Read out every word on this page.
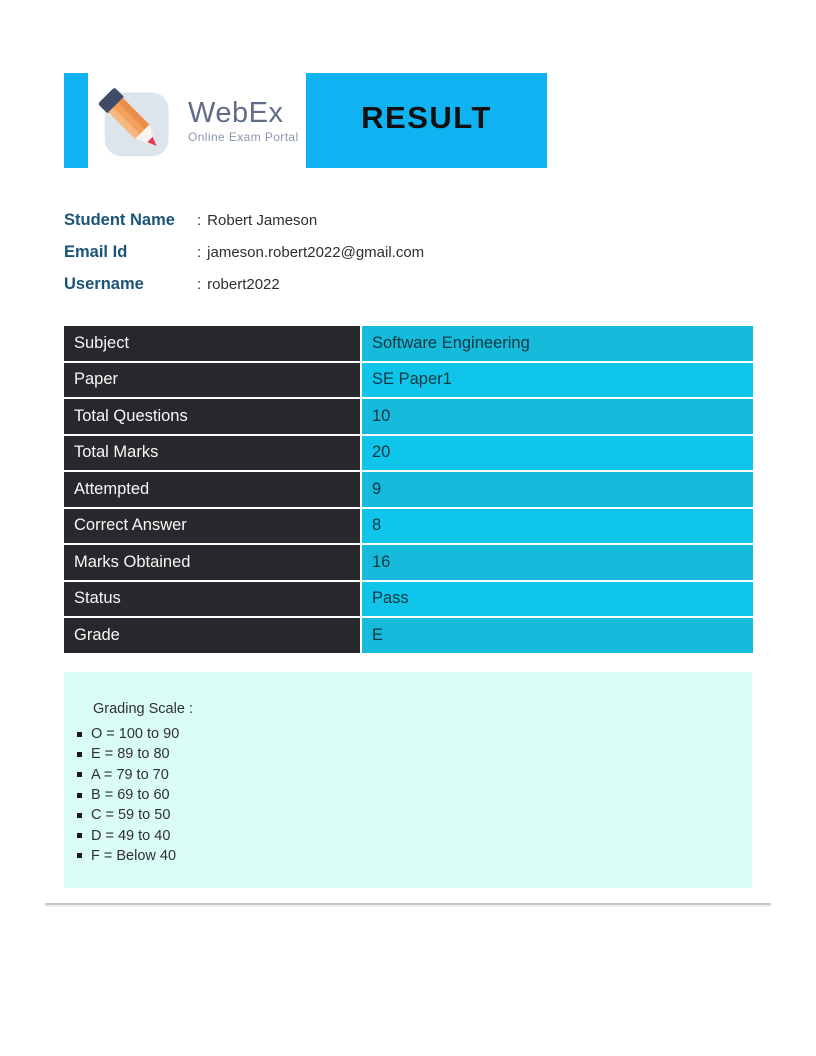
WebEx
Online Exam Portal
RESULT
Student Name	: Robert Jameson
Email Id	: jameson.robert2022@gmail.com
Username	: robert2022
Subject	Software Engineering
Paper	SE Paper1
Total Questions	10
Total Marks	20
Attempted	9
Correct Answer	8
Marks Obtained	16
Status	Pass
Grade	E
Grading Scale :
O = 100 to 90
E = 89 to 80
A = 79 to 70
B = 69 to 60
C = 59 to 50
D = 49 to 40
F = Below 40
